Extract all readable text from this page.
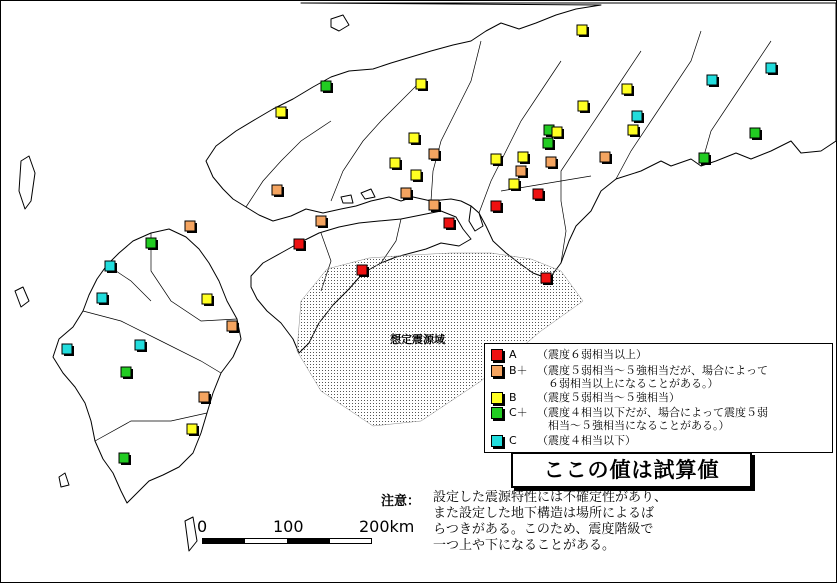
想定震源域
A	（震度６弱相当以上）
B＋ （震度５弱相当～５強相当だが、場合によって
　６弱相当以上になることがある。）
B	（震度５弱相当～５強相当）
C＋ （震度４相当以下だが、場合によって震度５弱
　相当～５強相当になることがある。）
C	（震度４相当以下）
ここの値は試算値
注意： 設定した震源特性には不確定性があり、
また設定した地下構造は場所によるば
らつきがある。このため、震度階級で
一つ上や下になることがある。
0	100	200km
